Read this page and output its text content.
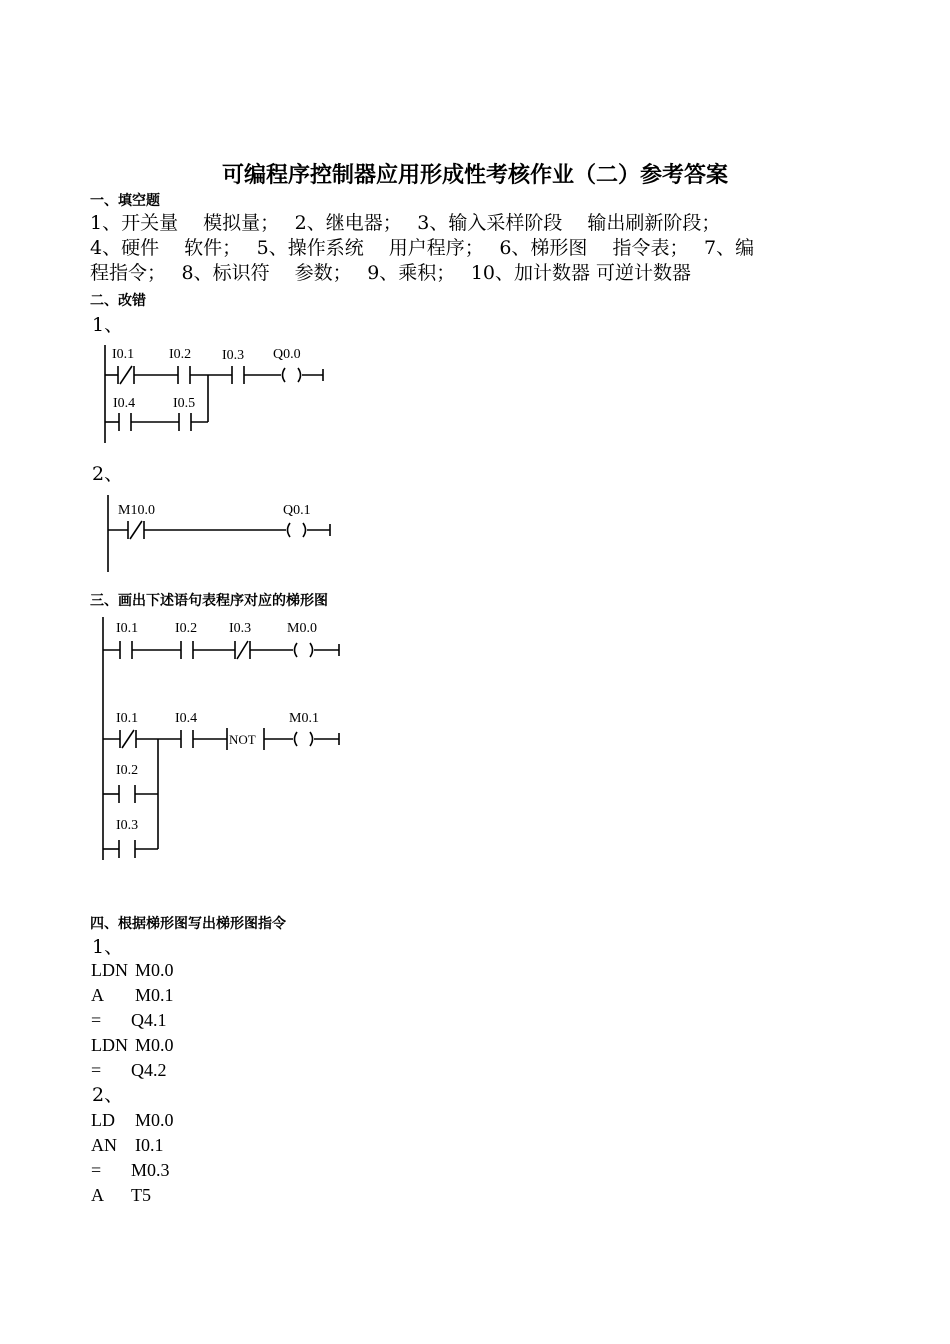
可编程序控制器应用形成性考核作业（二）参考答案
一、填空题
1、开关量　 模拟量；　 2、继电器；　 3、输入采样阶段　 输出刷新阶段；
4、硬件　 软件；　 5、操作系统　 用户程序；　 6、梯形图　 指令表；　 7、编
程指令；　 8、标识符　 参数；　 9、乘积；　 10、加计数器 可逆计数器
二、改错
1、
I0.1 I0.2 I0.3 Q0.0
I0.4	I0.5
2、
M10.0	Q0.1
三、画出下述语句表程序对应的梯形图
I0.1	I0.2 I0.3	M0.0
I0.1	I0.4	M0.1
NOT
I0.2
I0.3
四、根据梯形图写出梯形图指令
1、
LDN M0.0
A M0.1
= Q4.1
LDN M0.0
= Q4.2
2、
LD M0.0
AN I0.1
= M0.3
A T5
